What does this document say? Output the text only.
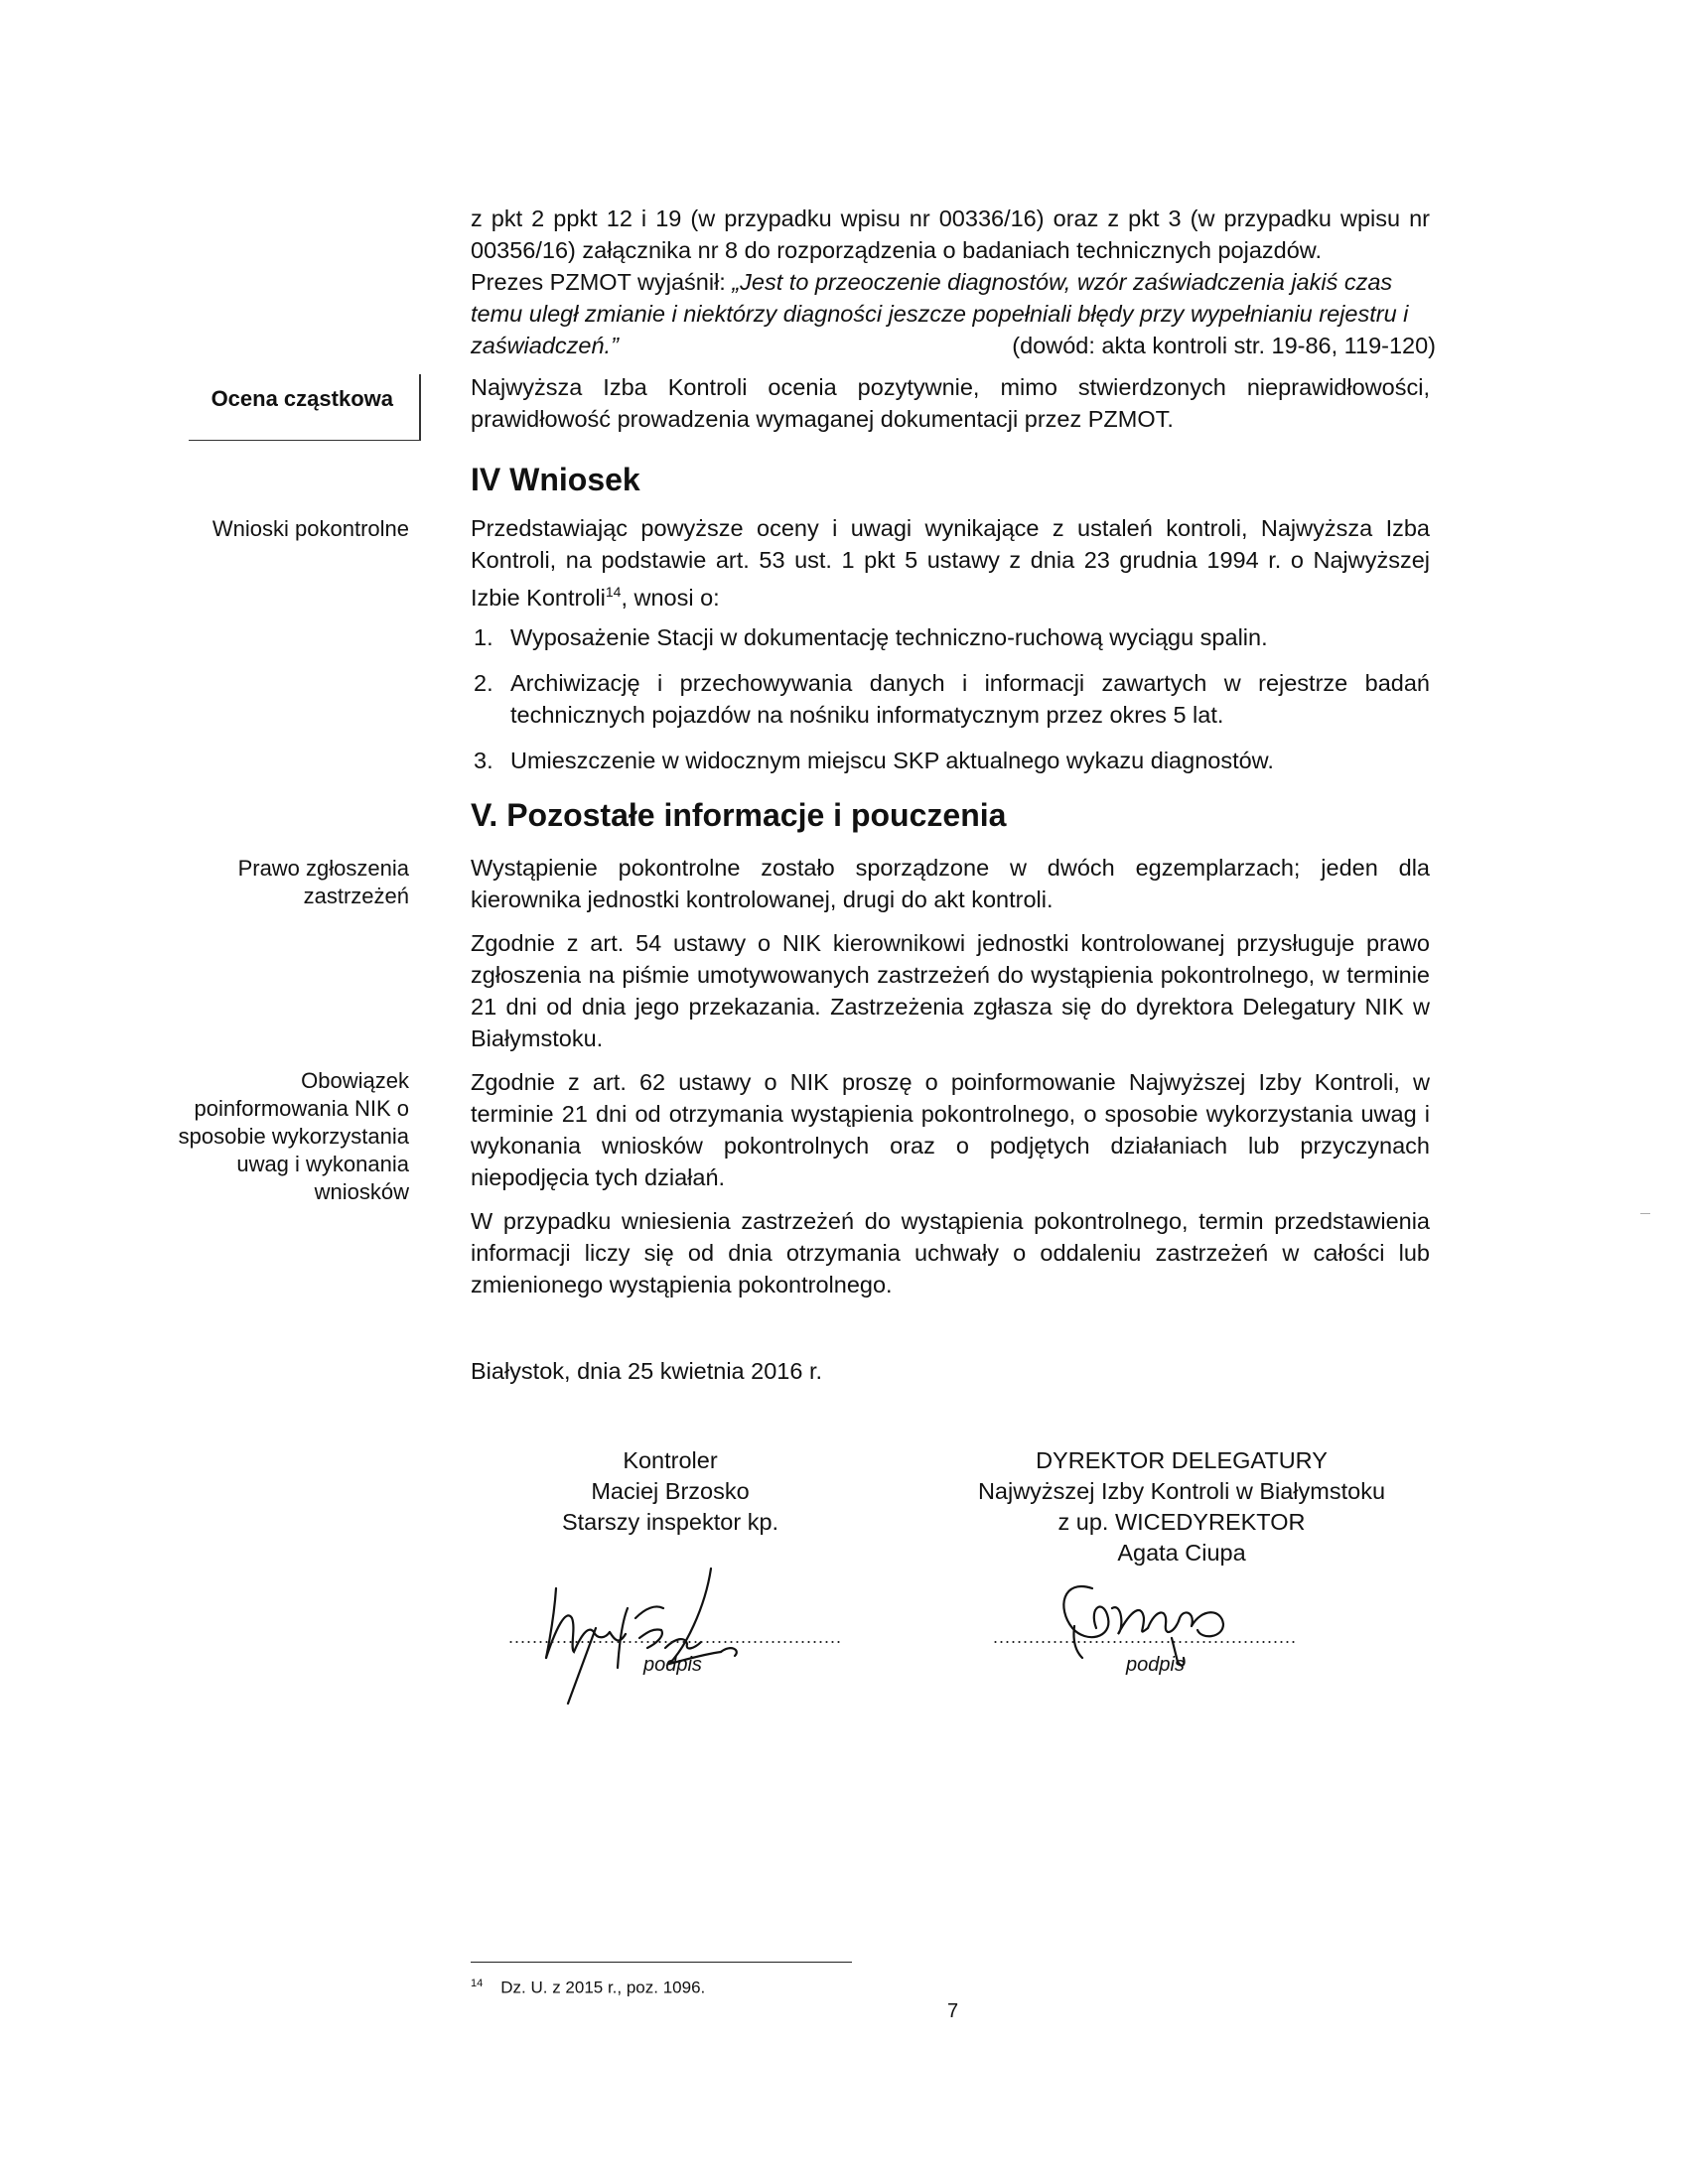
z pkt 2 ppkt 12 i 19 (w przypadku wpisu nr 00336/16) oraz z pkt 3 (w przypadku wpisu nr 00356/16) załącznika nr 8 do rozporządzenia o badaniach technicznych pojazdów.

Prezes PZMOT wyjaśnił: „Jest to przeoczenie diagnostów, wzór zaświadczenia jakiś czas temu uległ zmianie i niektórzy diagności jeszcze popełniali błędy przy wypełnianiu rejestru i zaświadczeń.”	(dowód: akta kontroli str. 19-86, 119-120)
Ocena cząstkowa	Najwyższa Izba Kontroli ocenia pozytywnie, mimo stwierdzonych nieprawidłowości, prawidłowość prowadzenia wymaganej dokumentacji przez PZMOT.

IV Wniosek
Wnioski pokontrolne	Przedstawiając powyższe oceny i uwagi wynikające z ustaleń kontroli, Najwyższa Izba Kontroli, na podstawie art. 53 ust. 1 pkt 5 ustawy z dnia 23 grudnia 1994 r. o Najwyższej Izbie Kontroli$^{14}$, wnosi o:

1. Wyposażenie Stacji w dokumentację techniczno-ruchową wyciągu spalin.
2. Archiwizację i przechowywania danych i informacji zawartych w rejestrze badań technicznych pojazdów na nośniku informatycznym przez okres 5 lat.
3. Umieszczenie w widocznym miejscu SKP aktualnego wykazu diagnostów.
V. Pozostałe informacje i pouczenia
Prawo zgłoszenia zastrzeżeń

Wystąpienie pokontrolne zostało sporządzone w dwóch egzemplarzach; jeden dla kierownika jednostki kontrolowanej, drugi do akt kontroli.

Zgodnie z art. 54 ustawy o NIK kierownikowi jednostki kontrolowanej przysługuje prawo zgłoszenia na piśmie umotywowanych zastrzeżeń do wystąpienia pokontrolnego, w terminie 21 dni od dnia jego przekazania. Zastrzeżenia zgłasza się do dyrektora Delegatury NIK w Białymstoku.

Obowiązek poinformowania NIK o sposobie wykorzystania uwag i wykonania wniosków

Zgodnie z art. 62 ustawy o NIK proszę o poinformowanie Najwyższej Izby Kontroli, w terminie 21 dni od otrzymania wystąpienia pokontrolnego, o sposobie wykorzystania uwag i wykonania wniosków pokontrolnych oraz o podjętych działaniach lub przyczynach niepodjęcia tych działań.

W przypadku wniesienia zastrzeżeń do wystąpienia pokontrolnego, termin przedstawienia informacji liczy się od dnia otrzymania uchwały o oddaleniu zastrzeżeń w całości lub zmienionego wystąpienia pokontrolnego.

Białystok, dnia 25 kwietnia 2016 r.
Kontroler
Maciej Brzosko
Starszy inspektor kp.
........................................................
podpis
DYREKTOR DELEGATURY
Najwyższej Izby Kontroli w Białymstoku
z up. WICEDYREKTOR
Agata Ciupa
...................................................
podpis
$^{14}$ Dz. U. z 2015 r., poz. 1096.
7
